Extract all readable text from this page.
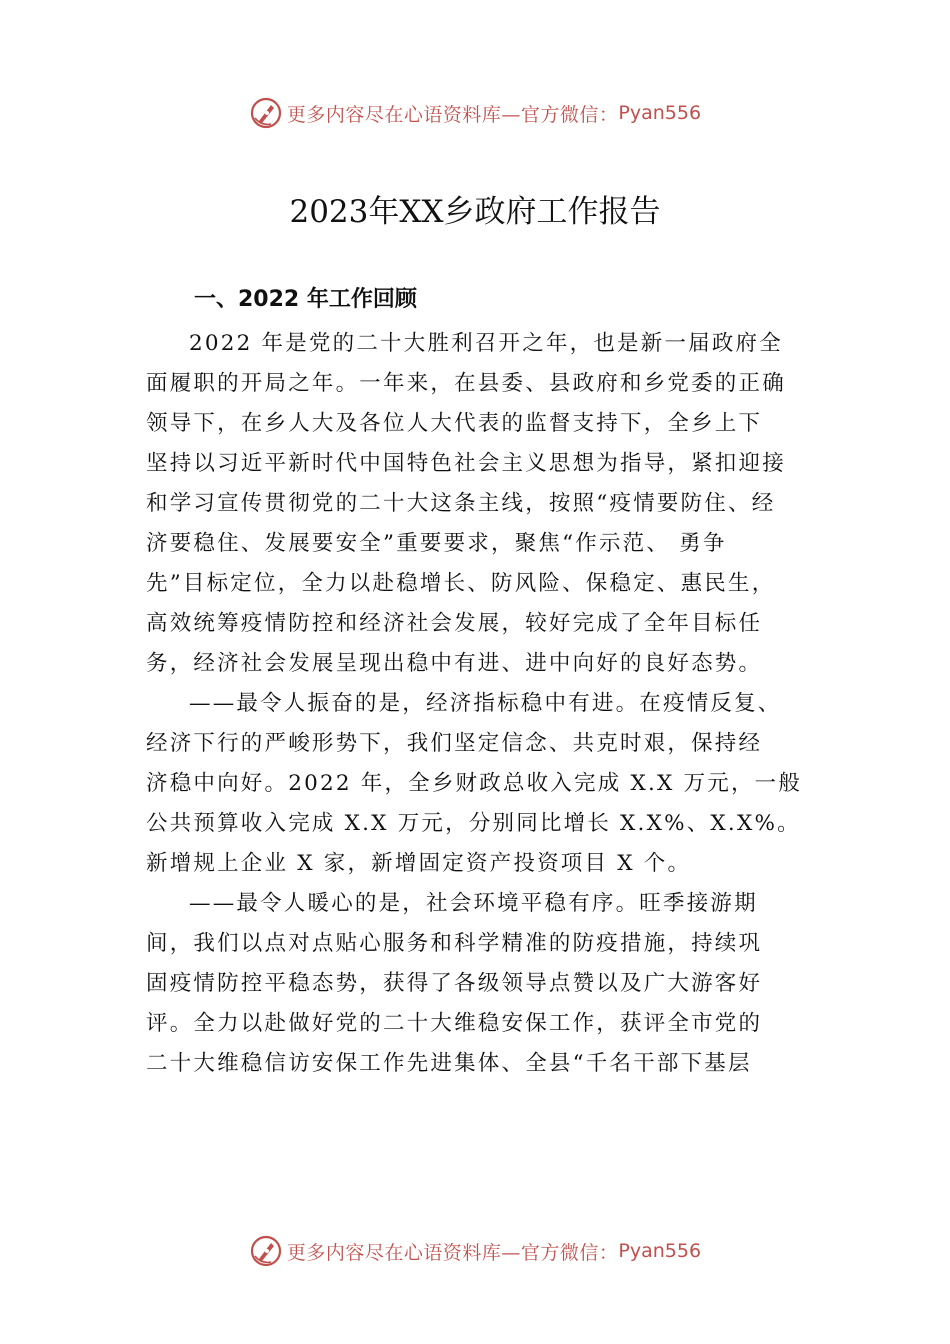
更多内容尽在心语资料库—官方微信： Pyan556
2023年XX乡政府工作报告
一、2022 年工作回顾

2022 年是党的二十大胜利召开之年，也是新一届政府全
面履职的开局之年。一年来，在县委、县政府和乡党委的正确
领导下，在乡人大及各位人大代表的监督支持下，全乡上下
坚持以习近平新时代中国特色社会主义思想为指导，紧扣迎接
和学习宣传贯彻党的二十大这条主线，按照“疫情要防住、经
济要稳住、发展要安全”重要要求，聚焦“作示范、 勇争
先”目标定位，全力以赴稳增长、防风险、保稳定、惠民生，
高效统筹疫情防控和经济社会发展，较好完成了全年目标任
务，经济社会发展呈现出稳中有进、进中向好的良好态势。

——最令人振奋的是，经济指标稳中有进。在疫情反复、
经济下行的严峻形势下，我们坚定信念、共克时艰，保持经
济稳中向好。2022 年，全乡财政总收入完成 X.X 万元，一般
公共预算收入完成 X.X 万元，分别同比增长 X.X%、X.X%。
新增规上企业 X 家，新增固定资产投资项目 X 个。

——最令人暖心的是，社会环境平稳有序。旺季接游期
间，我们以点对点贴心服务和科学精准的防疫措施，持续巩
固疫情防控平稳态势，获得了各级领导点赞以及广大游客好
评。全力以赴做好党的二十大维稳安保工作，获评全市党的
二十大维稳信访安保工作先进集体、全县“千名干部下基层

更多内容尽在心语资料库—官方微信： Pyan556
